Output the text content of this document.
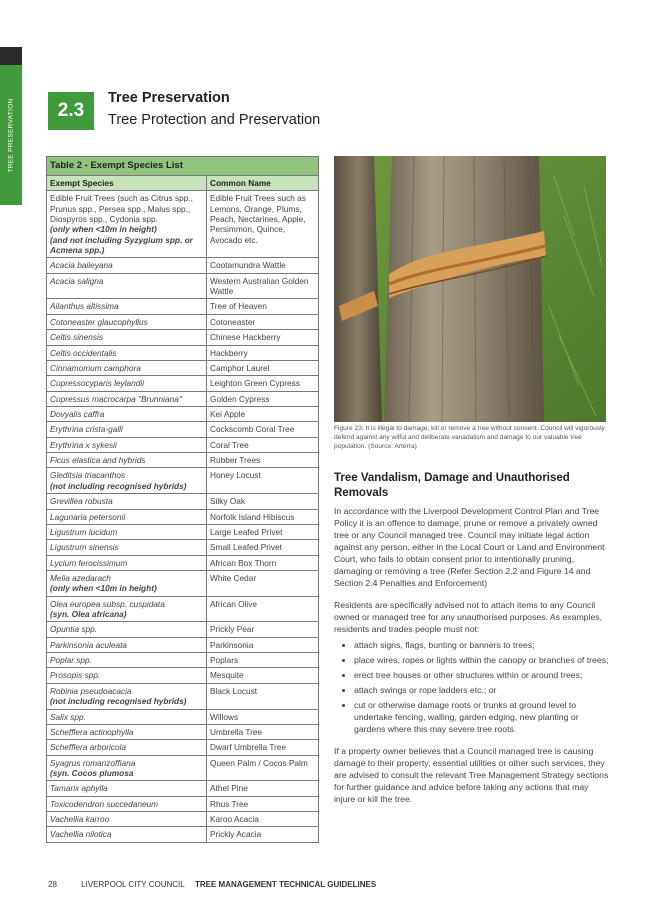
TREE PRESERVATION	2.3
Tree Preservation
Tree Protection and Preservation
Table 2 - Exempt Species List	
Exempt Species	Common Name

Edible Fruit Trees (such as Citrus spp., Prunus spp., Persea spp., Malus spp., Diospyros spp., Cydonia spp.
(only when <10m in height)
(and not including Syzygium spp. or Acmena spp.)	Edible Fruit Trees such as Lemons, Orange, Plums, Peach, Nectarines, Apple, Persimmon, Quince, Avocado etc.

Acacia baileyana	Cootamundra Wattle

Acacia saligna	Western Australian Golden Wattle

Ailanthus altissima	Tree of Heaven

Cotoneaster glaucophyllus	Cotoneaster

Celtis sinensis	Chinese Hackberry

Celtis occidentalis	Hackberry

Cinnamomum camphora	Camphor Laurel

Cupressocyparis leylandii	Leighton Green Cypress

Cupressus macrocarpa "Brunniana"	Golden Cypress

Dovyalis caffra	Kei Apple

Erythrina crista-galli	Cockscomb Coral Tree

Erythrina x sykesii	Coral Tree

Ficus elastica and hybrids	Rubber Trees

Gleditsia triacanthos
(not including recognised hybrids)	Honey Locust

Grevillea robusta	Silky Oak

Lagunaria petersonii	Norfolk Island Hibiscus

Ligustrum lucidum	Large Leafed Privet

Ligustrum sinensis	Small Leafed Privet

Lycium ferocissimum	African Box Thorn

Melia azedarach
(only when <10m in height)	White Cedar

Olea europea subsp. cuspidata
(syn. Olea africana)	African Olive

Opuntia spp.	Prickly Pear

Parkinsonia aculeata	Parkinsonia

Poplar spp.	Poplars

Prosopis spp.	Mesquite

Robinia pseudoacacia
(not including recognised hybrids)	Black Locust

Salix spp.	Willows

Schefflera actinophylla	Umbrella Tree

Schefflera arboricola	Dwarf Umbrella Tree

Syagrus romanzoffiana
(syn. Cocos plumosa	Queen Palm / Cocos Palm

Tamarix aphylla	Athel Pine

Toxicodendron succedaneum	Rhus Tree

Vachellia karroo	Karoo Acacia

Vachellia nilotica	Prickly Acacia
Figure 23: It is illegal to damage, kill or remove a tree without consent. Council will vigorously defend against any wilful and deliberate vanadalism and damage to our valuable tree population. (Source: Arterra)
Tree Vandalism, Damage and Unauthorised Removals

In accordance with the Liverpool Development Control Plan and Tree Policy it is an offence to damage, prune or remove a privately owned tree or any Council managed tree. Council may initiate legal action against any person, either in the Local Court or Land and Environment Court, who fails to obtain consent prior to intentionally pruning, damaging or removing a tree (Refer Section 2.2 and Figure 14 and Section 2.4 Penalties and Enforcement)

Residents are specifically advised not to attach items to any Council owned or managed tree for any unauthorised purposes. As examples, residents and trades people must not:

• attach signs, flags, bunting or banners to trees;
• place wires, ropes or lights within the canopy or branches of trees;
• erect tree houses or other structures within or around trees;
• attach swings or rope ladders etc.; or
• cut or otherwise damage roots or trunks at ground level to undertake fencing, walling, garden edging, new planting or gardens where this may severe tree roots.

If a property owner believes that a Council managed tree is causing damage to their property, essential utilities or other such services, they are advised to consult the relevant Tree Management Strategy sections for further guidance and advice before taking any actions that may injure or kill the tree.

28	LIVERPOOL CITY COUNCIL TREE MANAGEMENT TECHNICAL GUIDELINES
